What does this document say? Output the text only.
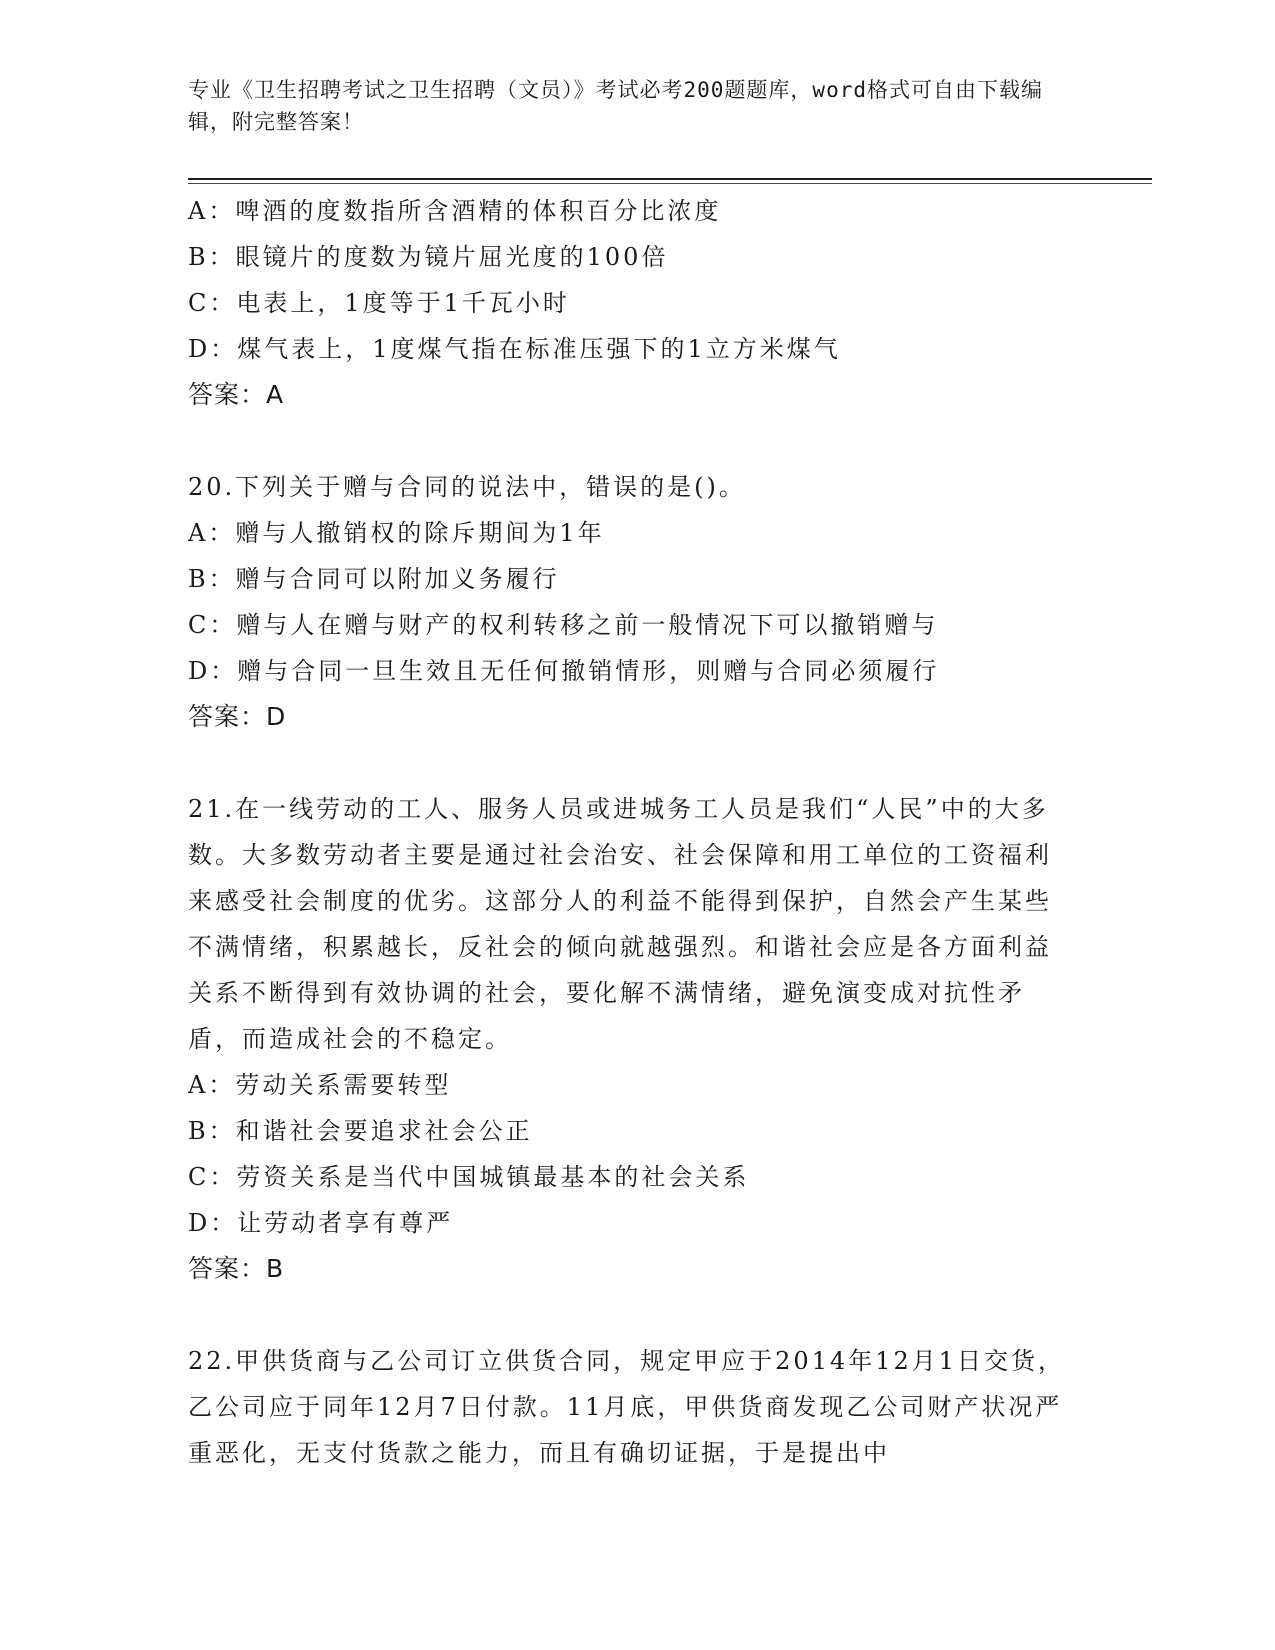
专业《卫生招聘考试之卫生招聘（文员）》考试必考200题题库，word格式可自由下载编辑，附完整答案！
A：啤酒的度数指所含酒精的体积百分比浓度
B：眼镜片的度数为镜片屈光度的100倍
C：电表上，1度等于1千瓦小时
D：煤气表上，1度煤气指在标准压强下的1立方米煤气
答案：A
20.下列关于赠与合同的说法中，错误的是()。
A：赠与人撤销权的除斥期间为1年
B：赠与合同可以附加义务履行
C：赠与人在赠与财产的权利转移之前一般情况下可以撤销赠与
D：赠与合同一旦生效且无任何撤销情形，则赠与合同必须履行
答案：D
21.在一线劳动的工人、服务人员或进城务工人员是我们“人民”中的大多数。大多数劳动者主要是通过社会治安、社会保障和用工单位的工资福利来感受社会制度的优劣。这部分人的利益不能得到保护，自然会产生某些不满情绪，积累越长，反社会的倾向就越强烈。和谐社会应是各方面利益关系不断得到有效协调的社会，要化解不满情绪，避免演变成对抗性矛盾，而造成社会的不稳定。
A：劳动关系需要转型
B：和谐社会要追求社会公正
C：劳资关系是当代中国城镇最基本的社会关系
D：让劳动者享有尊严
答案：B
22.甲供货商与乙公司订立供货合同，规定甲应于2014年12月1日交货，乙公司应于同年12月7日付款。11月底，甲供货商发现乙公司财产状况严重恶化，无支付货款之能力，而且有确切证据，于是提出中
